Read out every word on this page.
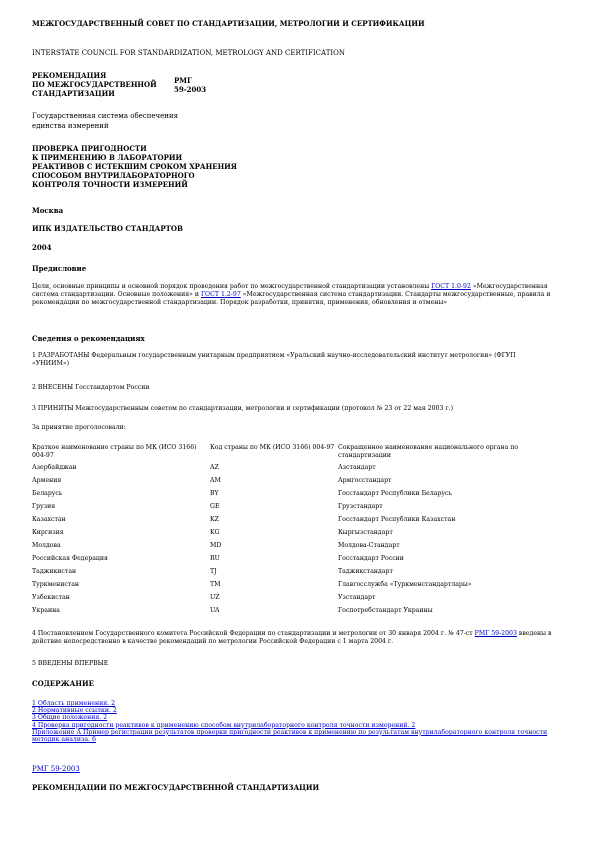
МЕЖГОСУДАРСТВЕННЫЙ СОВЕТ ПО СТАНДАРТИЗАЦИИ, МЕТРОЛОГИИ И СЕРТИФИКАЦИИ
INTERSTATE COUNCIL FOR STANDARDIZATION, METROLOGY AND CERTIFICATION
РЕКОМЕНДАЦИЯ
ПО МЕЖГОСУДАРСТВЕННОЙ
СТАНДАРТИЗАЦИИ
РМГ
59-2003
Государственная система обеспечения
единства измерений
ПРОВЕРКА ПРИГОДНОСТИ
К ПРИМЕНЕНИЮ В ЛАБОРАТОРИИ
РЕАКТИВОВ С ИСТЕКШИМ СРОКОМ ХРАНЕНИЯ
СПОСОБОМ ВНУТРИЛАБОРАТОРНОГО
КОНТРОЛЯ ТОЧНОСТИ ИЗМЕРЕНИЙ
Москва
ИПК ИЗДАТЕЛЬСТВО СТАНДАРТОВ
2004
Предисловие
Цели, основные принципы и основной порядок проведения работ по межгосударственной стандартизации установлены ГОСТ 1.0-92 «Межгосударственная система стандартизации. Основные положения» и ГОСТ 1.2-97 «Межгосударственная система стандартизации. Стандарты межгосударственные, правила и рекомендации по межгосударственной стандартизации. Порядок разработки, принятия, применения, обновления и отмены»
Сведения о рекомендациях
1 РАЗРАБОТАНЫ Федеральным государственным унитарным предприятием «Уральский научно-исследовательский институт метрологии» (ФГУП «УНИИМ»)
2 ВНЕСЕНЫ Госстандартом России
3 ПРИНЯТЫ Межгосударственным советом по стандартизации, метрологии и сертификации (протокол № 23 от 22 мая 2003 г.)
За принятие проголосовали:
Краткое наименование страны по МК (ИСО 3166) 004-97	Код страны по МК (ИСО 3166) 004-97	Сокращенное наименование национального органа по стандартизации
Азербайджан	AZ	Азстандарт
Армения	AM	Армгосстандарт
Беларусь	BY	Госстандарт Республики Беларусь
Грузия	GE	Грузстандарт
Казахстан	KZ	Госстандарт Республики Казахстан
Киргизия	KG	Кыргызстандарт
Молдова	MD	Молдова-Стандарт
Российская Федерация	RU	Госстандарт России
Таджикистан	TJ	Таджикстандарт
Туркменистан	TM	Главгосслужба «Туркменстандартлары»
Узбекистан	UZ	Узстандарт
Украина	UA	Госпотребстандарт Украины
4 Постановлением Государственного комитета Российской Федерации по стандартизации и метрологии от 30 января 2004 г. № 47-ст РМГ 59-2003 введены в действие непосредственно в качестве рекомендаций по метрологии Российской Федерации с 1 марта 2004 г.
5 ВВЕДЕНЫ ВПЕРВЫЕ
СОДЕРЖАНИЕ
1 Область применения. 2
2 Нормативные ссылки. 2
3 Общие положения. 2
4 Проверка пригодности реактивов к применению способом внутрилабораторного контроля точности измерений. 2
Приложение А Пример регистрации результатов проверки пригодности реактивов к применению по результатам внутрилабораторного контроля точности методик анализа. 6
РМГ 59-2003
РЕКОМЕНДАЦИИ ПО МЕЖГОСУДАРСТВЕННОЙ СТАНДАРТИЗАЦИИ
